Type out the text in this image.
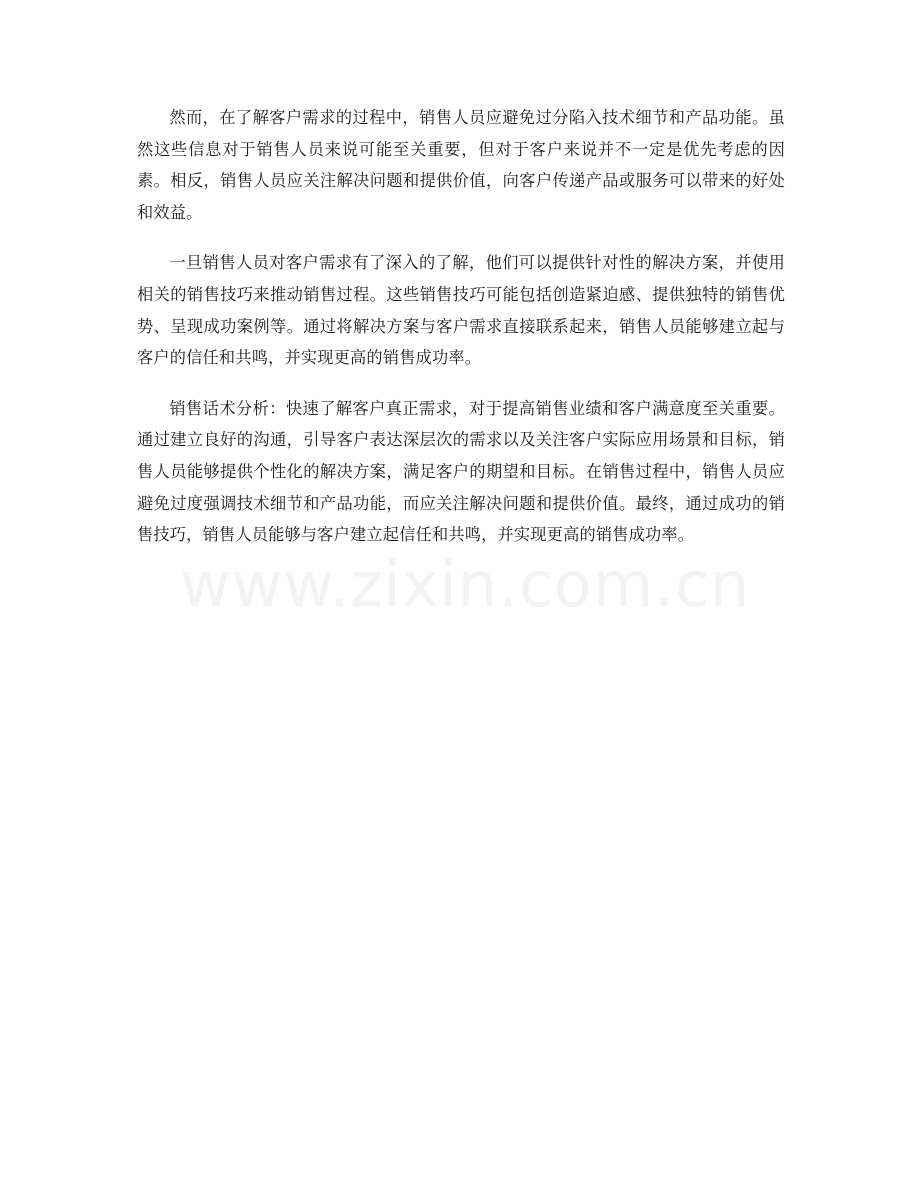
然而，在了解客户需求的过程中，销售人员应避免过分陷入技术细节和产品功能。虽然这些信息对于销售人员来说可能至关重要，但对于客户来说并不一定是优先考虑的因素。相反，销售人员应关注解决问题和提供价值，向客户传递产品或服务可以带来的好处和效益。

一旦销售人员对客户需求有了深入的了解，他们可以提供针对性的解决方案，并使用相关的销售技巧来推动销售过程。这些销售技巧可能包括创造紧迫感、提供独特的销售优势、呈现成功案例等。通过将解决方案与客户需求直接联系起来，销售人员能够建立起与客户的信任和共鸣，并实现更高的销售成功率。

销售话术分析：快速了解客户真正需求，对于提高销售业绩和客户满意度至关重要。通过建立良好的沟通，引导客户表达深层次的需求以及关注客户实际应用场景和目标，销售人员能够提供个性化的解决方案，满足客户的期望和目标。在销售过程中，销售人员应避免过度强调技术细节和产品功能，而应关注解决问题和提供价值。最终，通过成功的销售技巧，销售人员能够与客户建立起信任和共鸣，并实现更高的销售成功率。

www.zixin.com.cn
